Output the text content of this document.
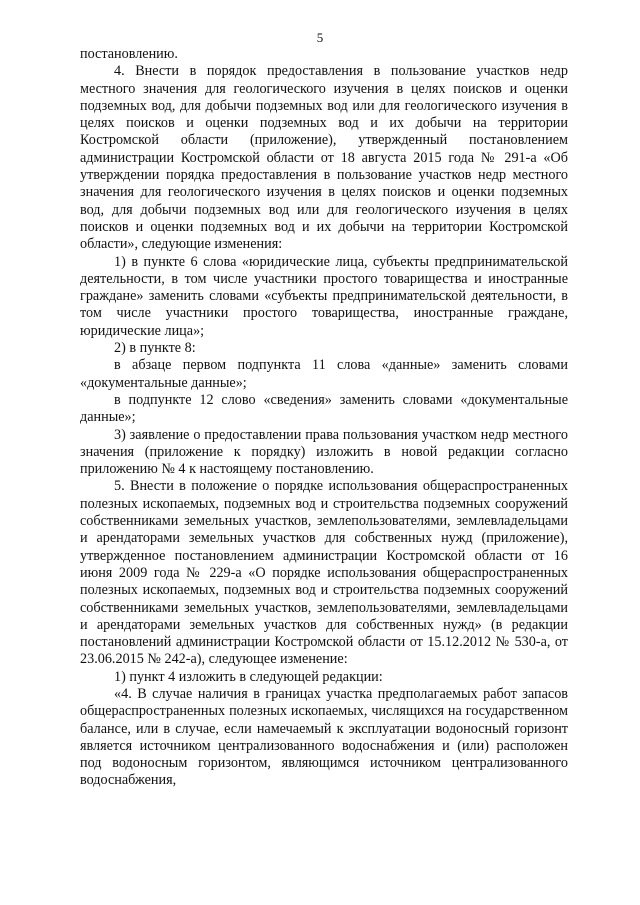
5

постановлению.

4. Внести в порядок предоставления в пользование участков недр местного значения для геологического изучения в целях поисков и оценки подземных вод, для добычи подземных вод или для геологического изучения в целях поисков и оценки подземных вод и их добычи на территории Костромской области (приложение), утвержденный постановлением администрации Костромской области от 18 августа 2015 года № 291-а «Об утверждении порядка предоставления в пользование участков недр местного значения для геологического изучения в целях поисков и оценки подземных вод, для добычи подземных вод или для геологического изучения в целях поисков и оценки подземных вод и их добычи на территории Костромской области», следующие изменения:

1) в пункте 6 слова «юридические лица, субъекты предпринимательской деятельности, в том числе участники простого товарищества и иностранные граждане» заменить словами «субъекты предпринимательской деятельности, в том числе участники простого товарищества, иностранные граждане, юридические лица»;

2) в пункте 8:

в абзаце первом подпункта 11 слова «данные» заменить словами «документальные данные»;

в подпункте 12 слово «сведения» заменить словами «документальные данные»;

3) заявление о предоставлении права пользования участком недр местного значения (приложение к порядку) изложить в новой редакции согласно приложению № 4 к настоящему постановлению.

5. Внести в положение о порядке использования общераспространенных полезных ископаемых, подземных вод и строительства подземных сооружений собственниками земельных участков, землепользователями, землевладельцами и арендаторами земельных участков для собственных нужд (приложение), утвержденное постановлением администрации Костромской области от 16 июня 2009 года № 229-а «О порядке использования общераспространенных полезных ископаемых, подземных вод и строительства подземных сооружений собственниками земельных участков, землепользователями, землевладельцами и арендаторами земельных участков для собственных нужд» (в редакции постановлений администрации Костромской области от 15.12.2012 № 530-а, от 23.06.2015 № 242-а), следующее изменение:

1) пункт 4 изложить в следующей редакции:

«4. В случае наличия в границах участка предполагаемых работ запасов общераспространенных полезных ископаемых, числящихся на государственном балансе, или в случае, если намечаемый к эксплуатации водоносный горизонт является источником централизованного водоснабжения и (или) расположен под водоносным горизонтом, являющимся источником централизованного водоснабжения,
